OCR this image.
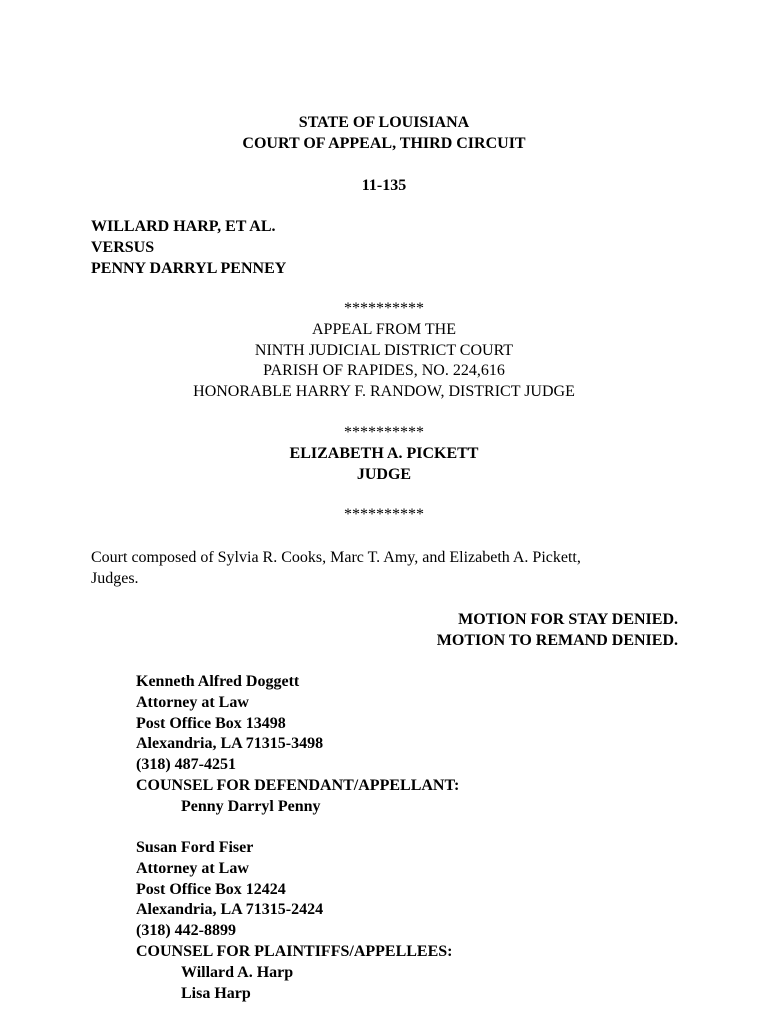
STATE OF LOUISIANA
COURT OF APPEAL, THIRD CIRCUIT
11-135
WILLARD HARP, ET AL.
VERSUS
PENNY DARRYL PENNEY
**********
APPEAL FROM THE
NINTH JUDICIAL DISTRICT COURT
PARISH OF RAPIDES, NO. 224,616
HONORABLE HARRY F. RANDOW, DISTRICT JUDGE
**********
ELIZABETH A. PICKETT
JUDGE
**********
Court composed of Sylvia R. Cooks, Marc T. Amy, and Elizabeth A. Pickett,
Judges.
MOTION FOR STAY DENIED.
MOTION TO REMAND DENIED.
Kenneth Alfred Doggett
Attorney at Law
Post Office Box 13498
Alexandria, LA 71315-3498
(318) 487-4251
COUNSEL FOR DEFENDANT/APPELLANT:
Penny Darryl Penny
Susan Ford Fiser
Attorney at Law
Post Office Box 12424
Alexandria, LA 71315-2424
(318) 442-8899
COUNSEL FOR PLAINTIFFS/APPELLEES:
Willard A. Harp
Lisa Harp
